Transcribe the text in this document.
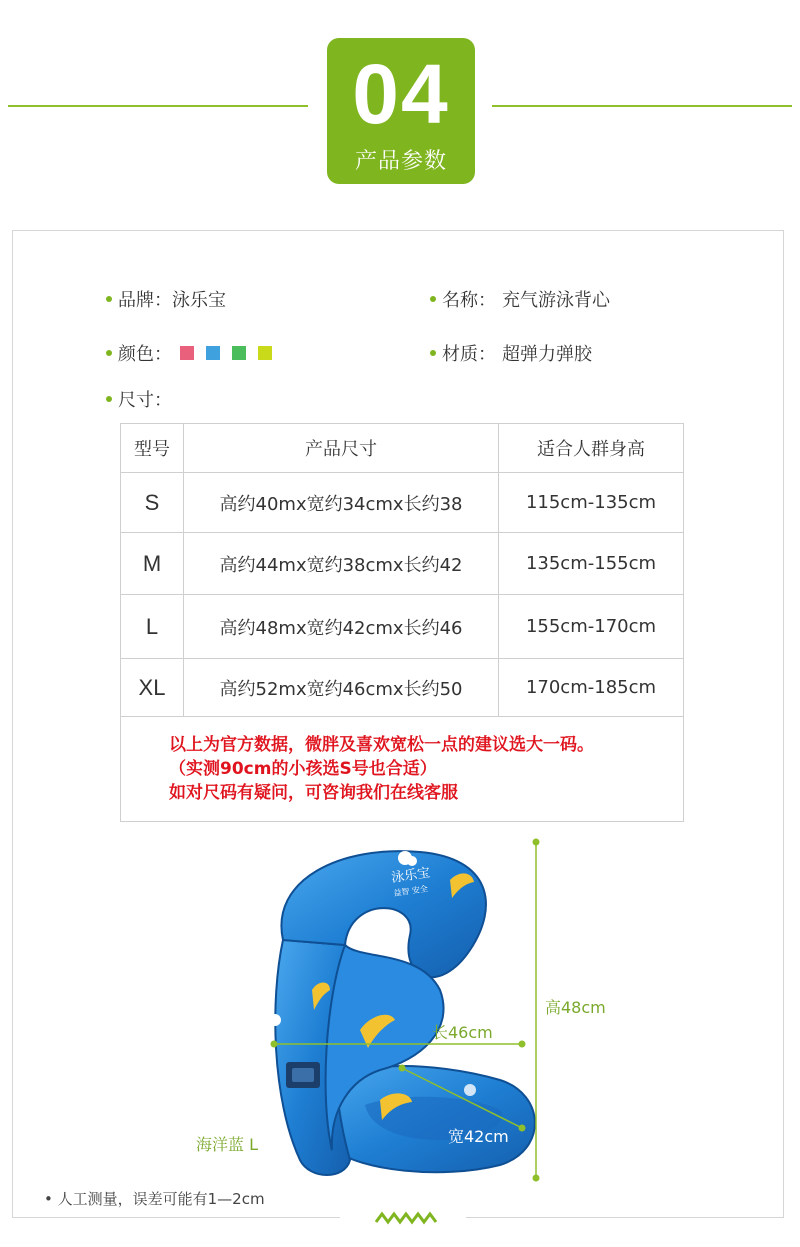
04
产品参数
品牌： 泳乐宝	名称： 充气游泳背心
颜色：	材质： 超弹力弹胶
尺寸：
型号	产品尺寸	适合人群身高
S	高约40mx宽约34cmx长约38	115cm-135cm
M	高约44mx宽约38cmx长约42	135cm-155cm
L	高约48mx宽约42cmx长约46	155cm-170cm
XL	高约52mx宽约46cmx长约50	170cm-185cm

以上为官方数据，微胖及喜欢宽松一点的建议选大一码。
（实测90cm的小孩选S号也合适）
如对尺码有疑问，可咨询我们在线客服		
泳乐宝
益智 安全
高48cm
长46cm
宽42cm
海洋蓝 L
• 人工测量，误差可能有1—2cm
